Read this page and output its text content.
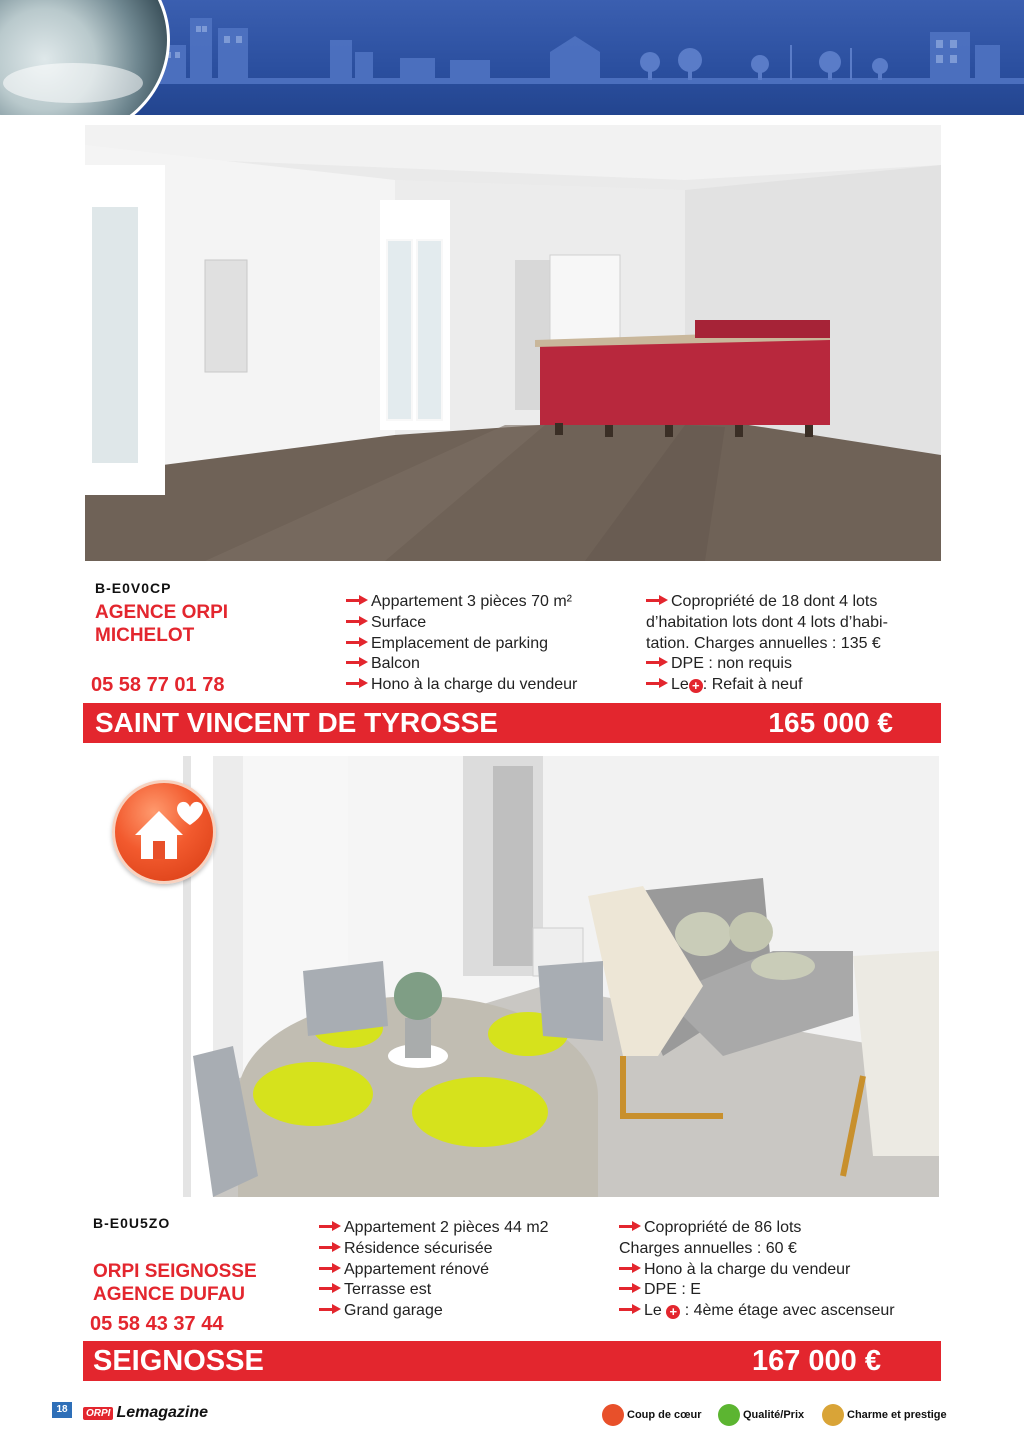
B-E0V0CP
AGENCE ORPI
MICHELOT
05 58 77 01 78
Appartement 3 pièces 70 m²
Surface
Emplacement de parking
Balcon
Hono à la charge du vendeur
Copropriété de 18 dont 4 lots
d’habitation lots dont 4 lots d’habi-
tation. Charges annuelles : 135 €
DPE : non requis
Le + : Refait à neuf
SAINT VINCENT DE TYROSSE	165 000 €
B-E0U5ZO
ORPI SEIGNOSSE
AGENCE DUFAU
05 58 43 37 44
Appartement 2 pièces 44 m2
Résidence sécurisée
Appartement rénové
Terrasse est
Grand garage
Copropriété de 86 lots
Charges annuelles : 60 €
Hono à la charge du vendeur
DPE : E
Le + : 4ème étage avec ascenseur
SEIGNOSSE	167 000 €
18	ORPI Lemagazine	Coup de cœur	Qualité/Prix	Charme et prestige
